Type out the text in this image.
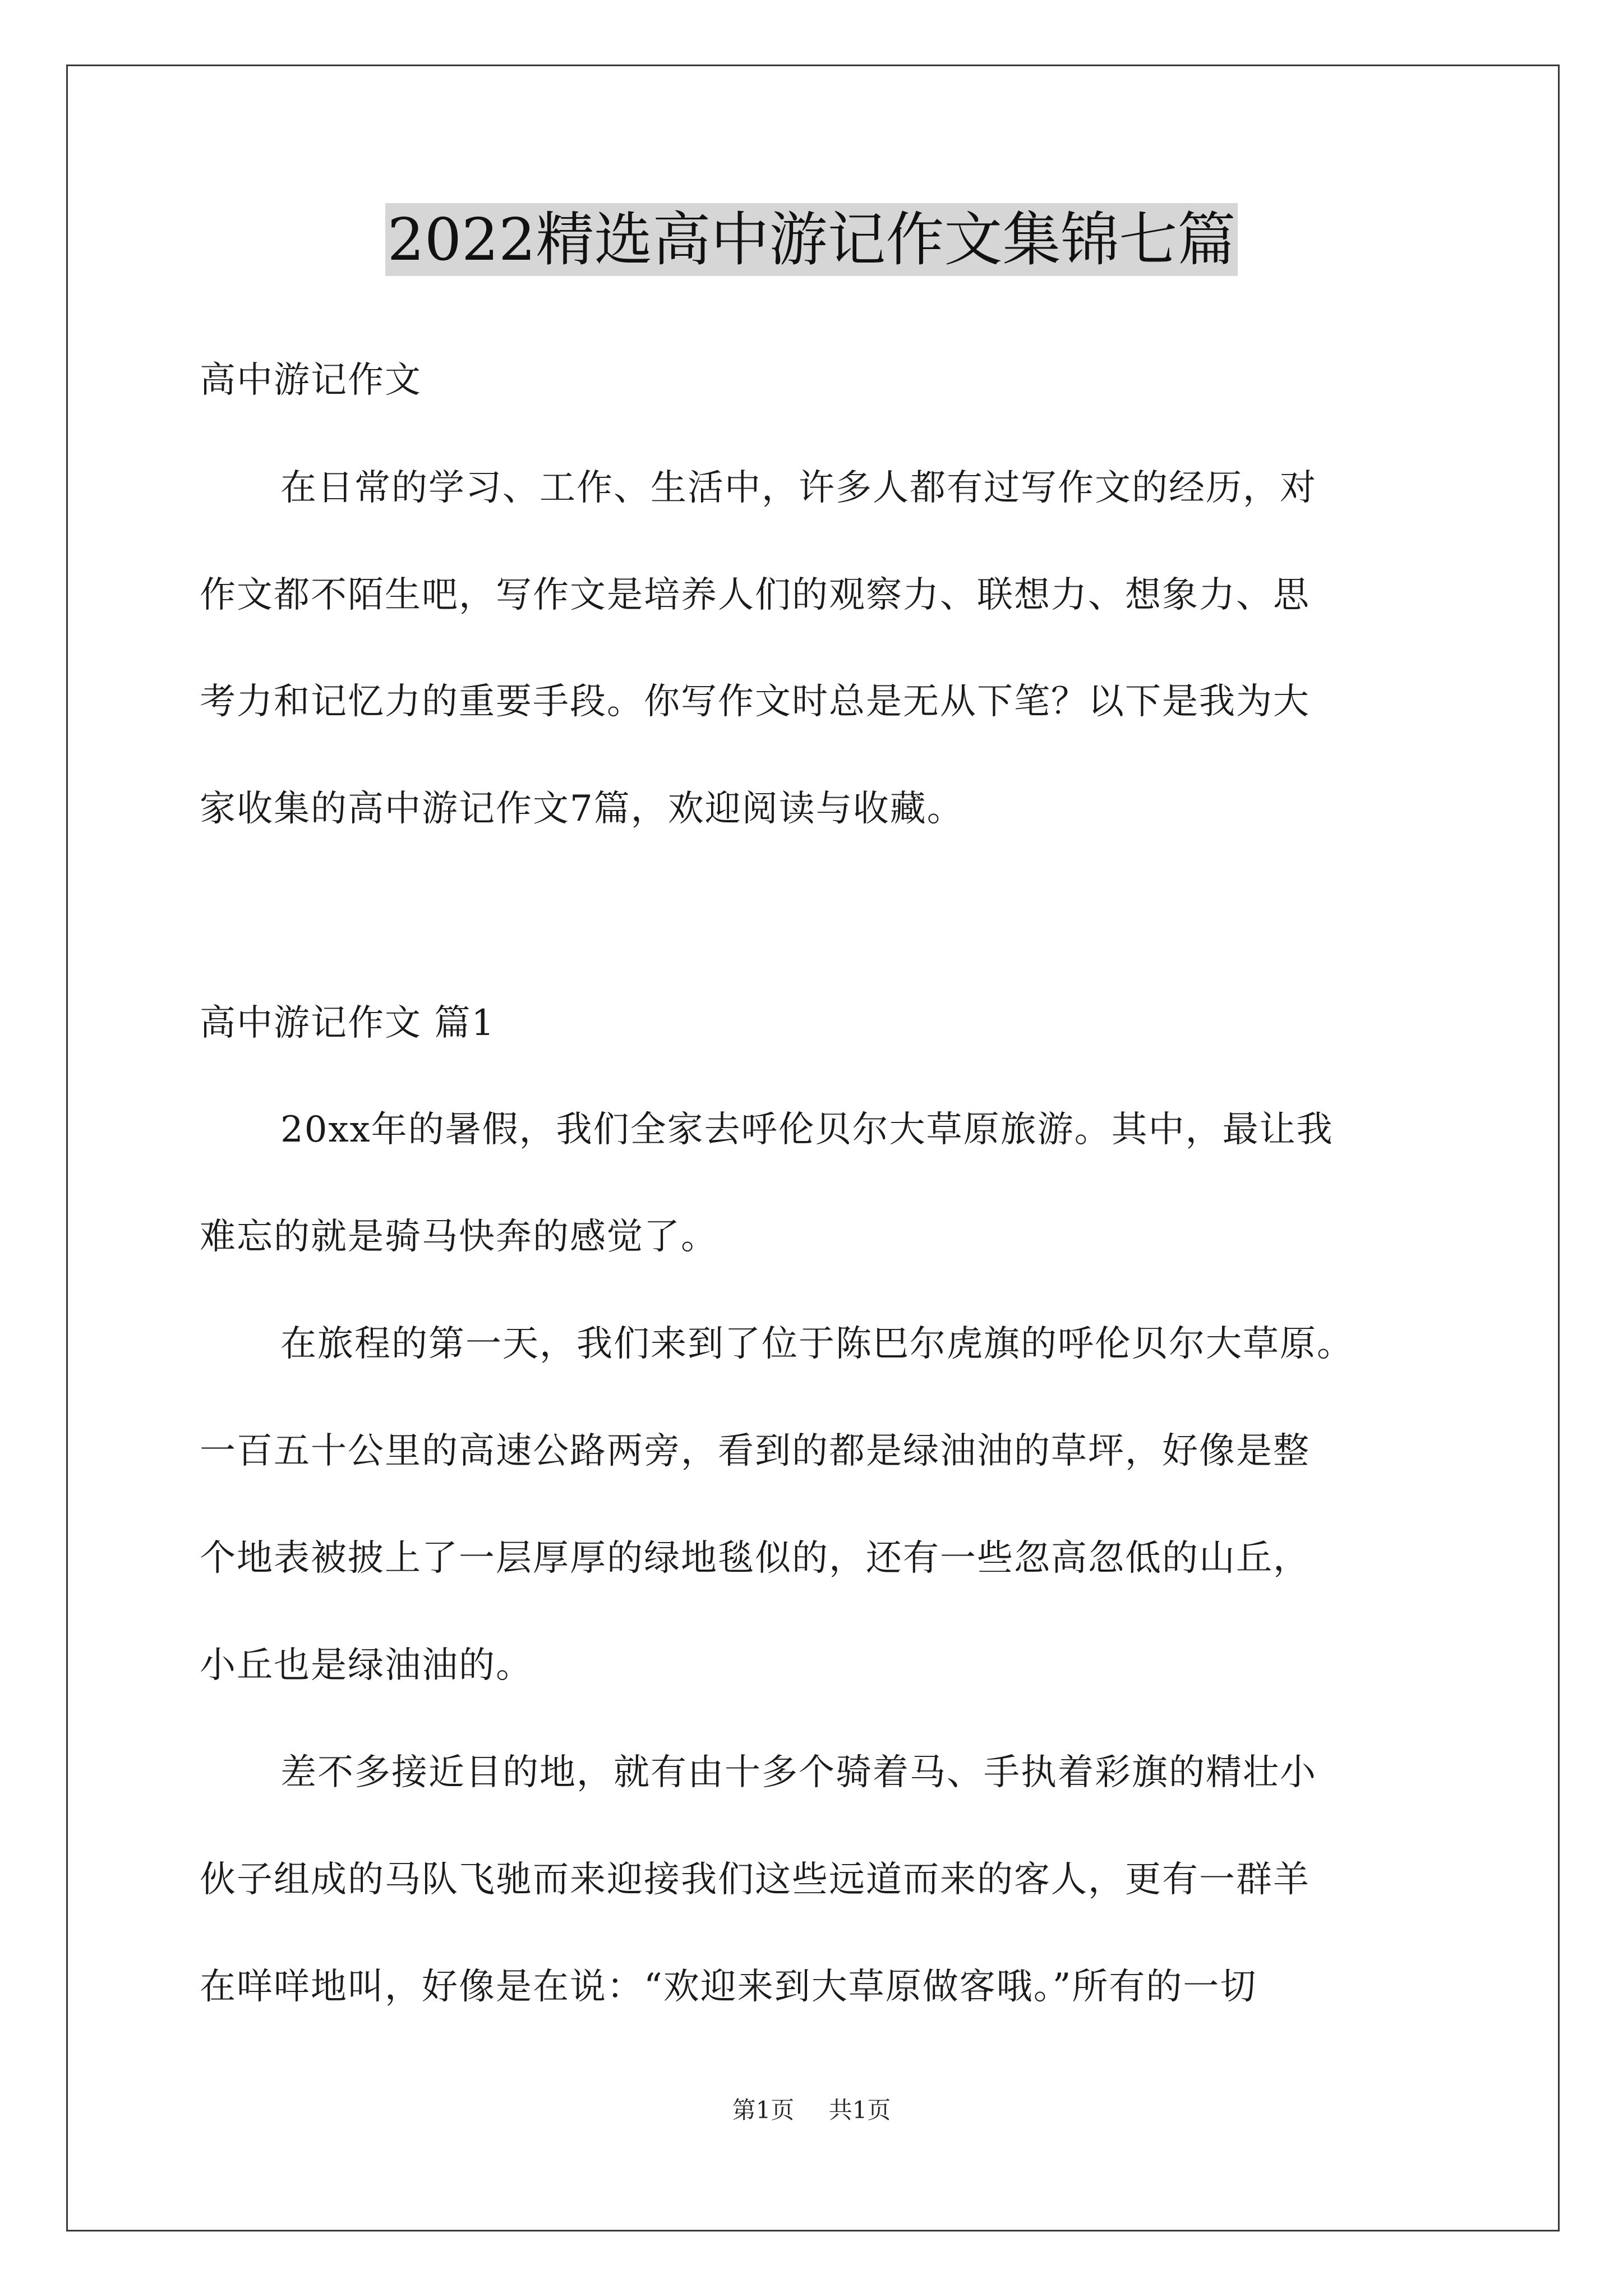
2022精选高中游记作文集锦七篇
高中游记作文
在日常的学习、工作、生活中，许多人都有过写作文的经历，对
作文都不陌生吧，写作文是培养人们的观察力、联想力、想象力、思
考力和记忆力的重要手段。你写作文时总是无从下笔？以下是我为大
家收集的高中游记作文7篇，欢迎阅读与收藏。
高中游记作文 篇1
20xx年的暑假，我们全家去呼伦贝尔大草原旅游。其中，最让我
难忘的就是骑马快奔的感觉了。
在旅程的第一天，我们来到了位于陈巴尔虎旗的呼伦贝尔大草原。
一百五十公里的高速公路两旁，看到的都是绿油油的草坪，好像是整
个地表被披上了一层厚厚的绿地毯似的，还有一些忽高忽低的山丘，
小丘也是绿油油的。
差不多接近目的地，就有由十多个骑着马、手执着彩旗的精壮小
伙子组成的马队飞驰而来迎接我们这些远道而来的客人，更有一群羊
在咩咩地叫，好像是在说：“欢迎来到大草原做客哦。”所有的一切
第1页 共1页
